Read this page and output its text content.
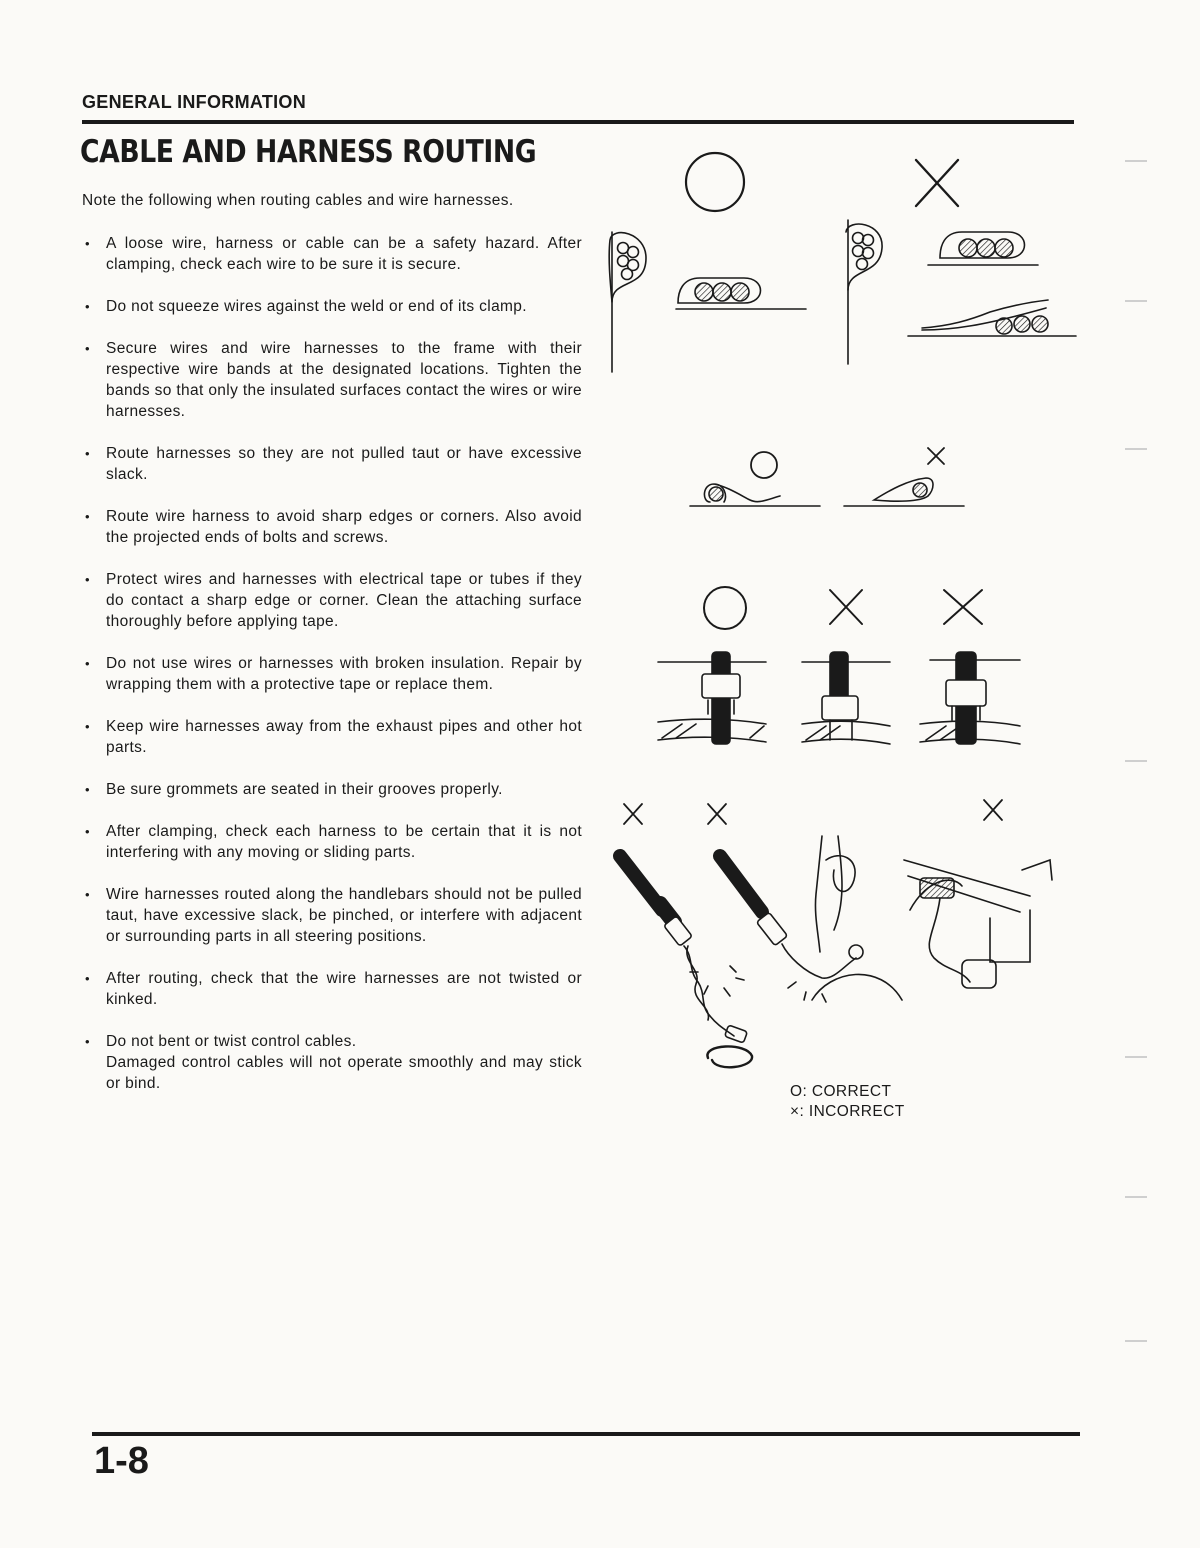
GENERAL INFORMATION
CABLE AND HARNESS ROUTING
Note the following when routing cables and wire harnesses.
• A loose wire, harness or cable can be a safety hazard. After clamping, check each wire to be sure it is secure.
• Do not squeeze wires against the weld or end of its clamp.
• Secure wires and wire harnesses to the frame with their respective wire bands at the designated locations. Tighten the bands so that only the insulated surfaces contact the wires or wire harnesses.
• Route harnesses so they are not pulled taut or have excessive slack.
• Route wire harness to avoid sharp edges or corners. Also avoid the projected ends of bolts and screws.
• Protect wires and harnesses with electrical tape or tubes if they do contact a sharp edge or corner. Clean the attaching surface thoroughly before applying tape.
• Do not use wires or harnesses with broken insulation. Repair by wrapping them with a protective tape or replace them.
• Keep wire harnesses away from the exhaust pipes and other hot parts.
• Be sure grommets are seated in their grooves properly.
• After clamping, check each harness to be certain that it is not interfering with any moving or sliding parts.
• Wire harnesses routed along the handlebars should not be pulled taut, have excessive slack, be pinched, or interfere with adjacent or surrounding parts in all steering positions.
• After routing, check that the wire harnesses are not twisted or kinked.
• Do not bent or twist control cables.
Damaged control cables will not operate smoothly and may stick or bind.	O: CORRECT
×: INCORRECT
1-8
